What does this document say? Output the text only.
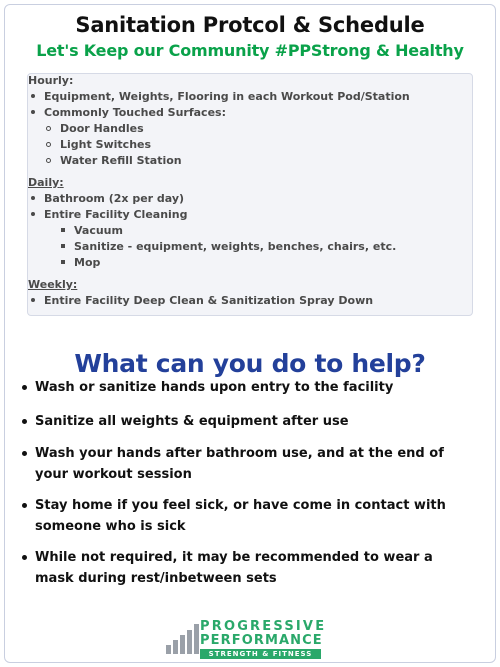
Sanitation Protcol & Schedule
Let's Keep our Community #PPStrong & Healthy
Hourly:
Equipment, Weights, Flooring in each Workout Pod/Station
Commonly Touched Surfaces:
Door Handles
Light Switches
Water Refill Station
Daily:
Bathroom (2x per day)
Entire Facility Cleaning
Vacuum
Sanitize - equipment, weights, benches, chairs, etc.
Mop
Weekly:
Entire Facility Deep Clean & Sanitization Spray Down
What can you do to help?
Wash or sanitize hands upon entry to the facility
Sanitize all weights & equipment after use
Wash your hands after bathroom use, and at the end of your workout session
Stay home if you feel sick, or have come in contact with someone who is sick
While not required, it may be recommended to wear a mask during rest/inbetween sets
PROGRESSIVE
PERFORMANCE
STRENGTH & FITNESS
